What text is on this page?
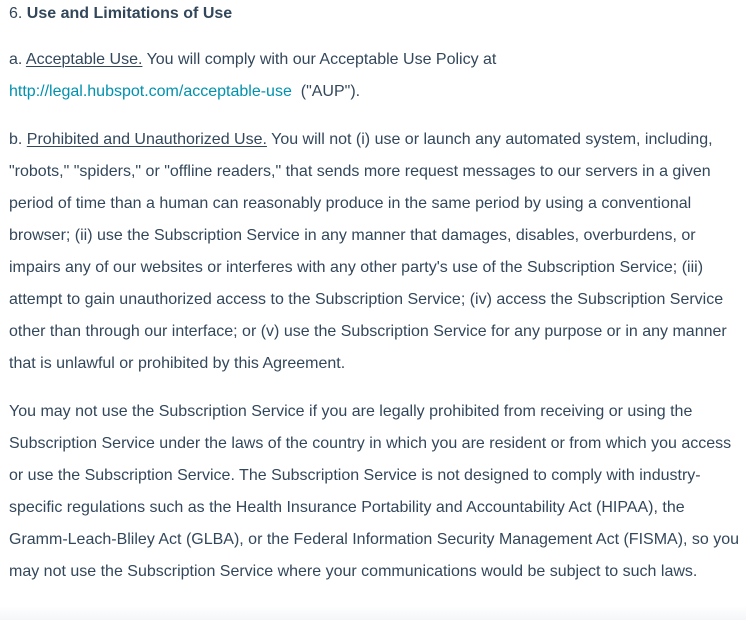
6. Use and Limitations of Use

a. Acceptable Use. You will comply with our Acceptable Use Policy at
http://legal.hubspot.com/acceptable-use  ("AUP").

b. Prohibited and Unauthorized Use. You will not (i) use or launch any automated system, including, "robots," "spiders," or "offline readers," that sends more request messages to our servers in a given period of time than a human can reasonably produce in the same period by using a conventional browser; (ii) use the Subscription Service in any manner that damages, disables, overburdens, or impairs any of our websites or interferes with any other party's use of the Subscription Service; (iii) attempt to gain unauthorized access to the Subscription Service; (iv) access the Subscription Service other than through our interface; or (v) use the Subscription Service for any purpose or in any manner that is unlawful or prohibited by this Agreement.

You may not use the Subscription Service if you are legally prohibited from receiving or using the Subscription Service under the laws of the country in which you are resident or from which you access or use the Subscription Service. The Subscription Service is not designed to comply with industry-specific regulations such as the Health Insurance Portability and Accountability Act (HIPAA), the Gramm-Leach-Bliley Act (GLBA), or the Federal Information Security Management Act (FISMA), so you may not use the Subscription Service where your communications would be subject to such laws.
